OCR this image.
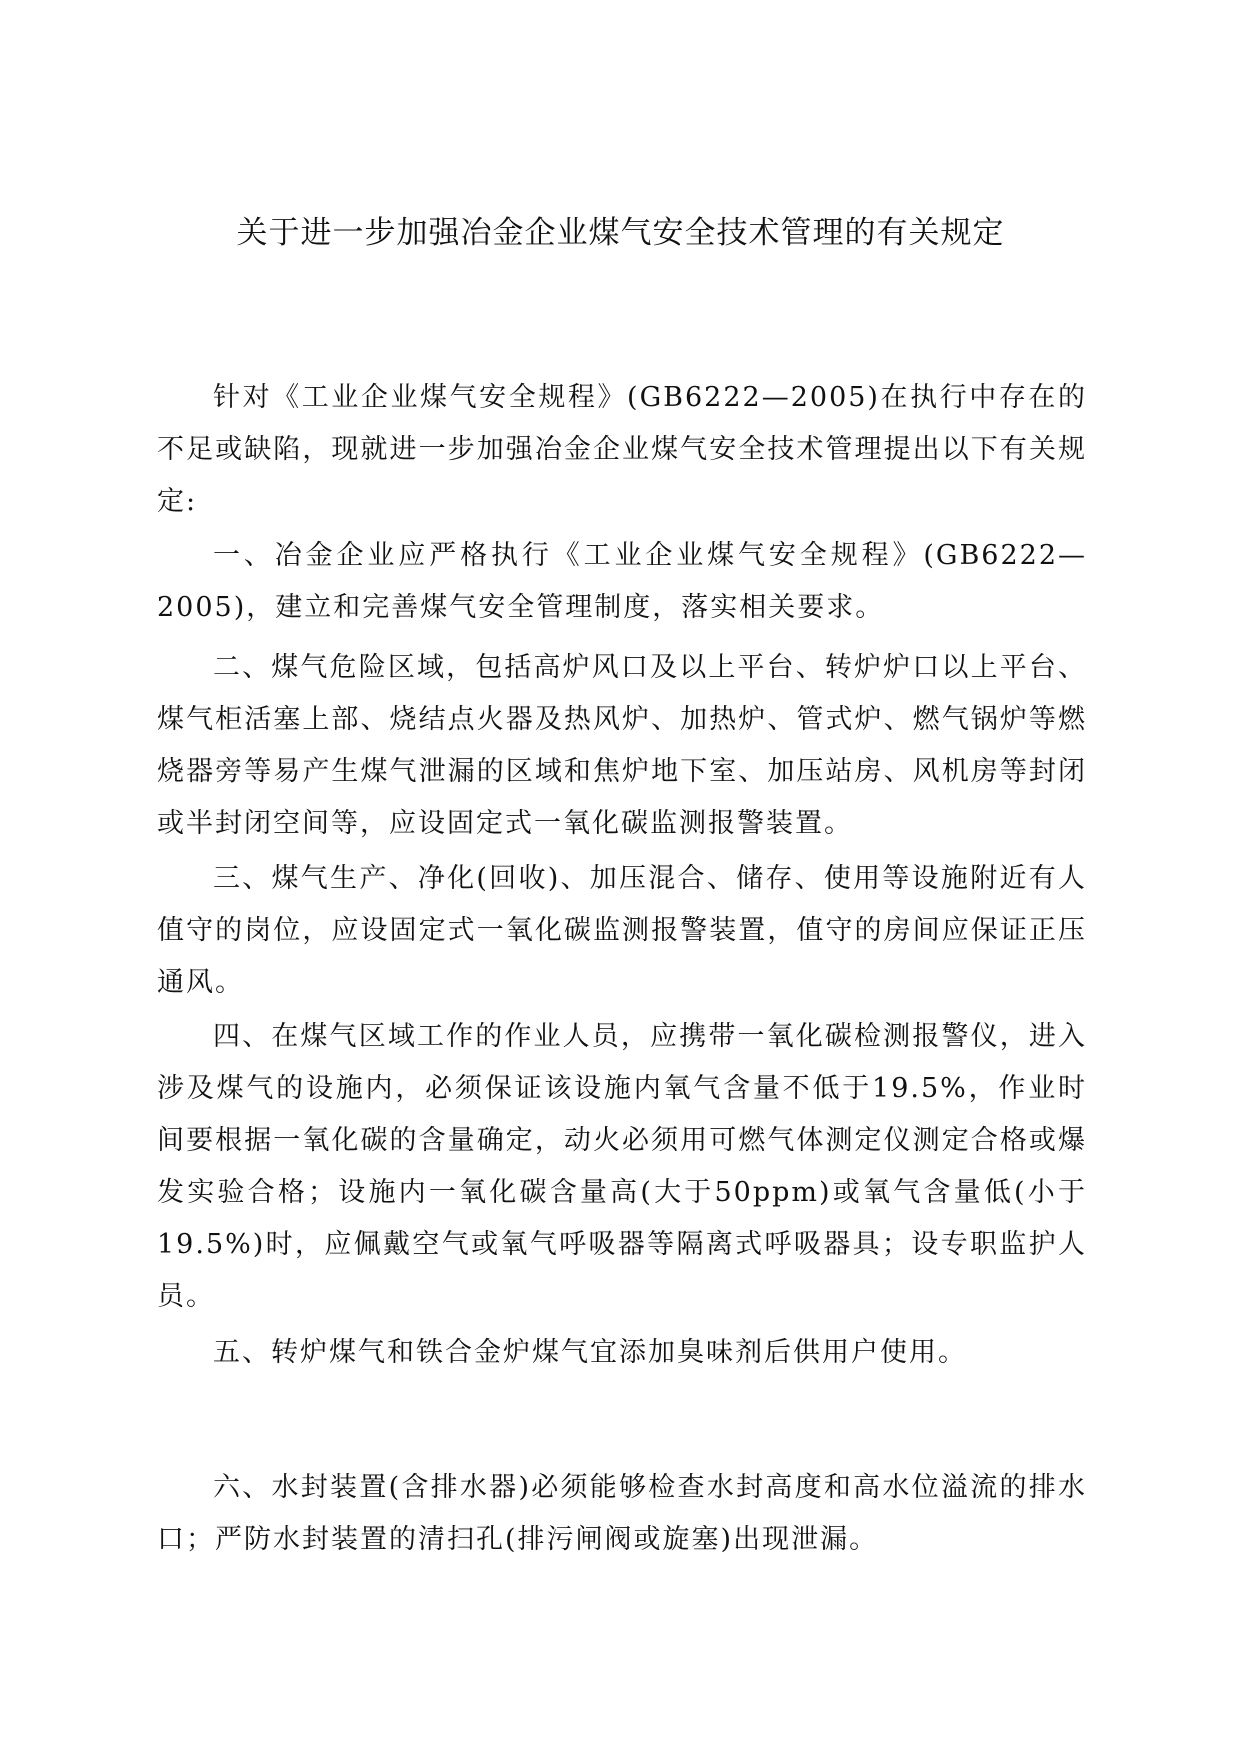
关于进一步加强冶金企业煤气安全技术管理的有关规定

针对《工业企业煤气安全规程》(GB6222—2005)在执行中存在的不足或缺陷，现就进一步加强冶金企业煤气安全技术管理提出以下有关规定:

一、冶金企业应严格执行《工业企业煤气安全规程》(GB6222—2005)，建立和完善煤气安全管理制度，落实相关要求。

二、煤气危险区域，包括高炉风口及以上平台、转炉炉口以上平台、煤气柜活塞上部、烧结点火器及热风炉、加热炉、管式炉、燃气锅炉等燃烧器旁等易产生煤气泄漏的区域和焦炉地下室、加压站房、风机房等封闭或半封闭空间等，应设固定式一氧化碳监测报警装置。

三、煤气生产、净化(回收)、加压混合、储存、使用等设施附近有人值守的岗位，应设固定式一氧化碳监测报警装置，值守的房间应保证正压通风。

四、在煤气区域工作的作业人员，应携带一氧化碳检测报警仪，进入涉及煤气的设施内，必须保证该设施内氧气含量不低于19.5%，作业时间要根据一氧化碳的含量确定，动火必须用可燃气体测定仪测定合格或爆发实验合格；设施内一氧化碳含量高(大于50ppm)或氧气含量低(小于19.5%)时，应佩戴空气或氧气呼吸器等隔离式呼吸器具；设专职监护人员。

五、转炉煤气和铁合金炉煤气宜添加臭味剂后供用户使用。

六、水封装置(含排水器)必须能够检查水封高度和高水位溢流的排水口；严防水封装置的清扫孔(排污闸阀或旋塞)出现泄漏。
